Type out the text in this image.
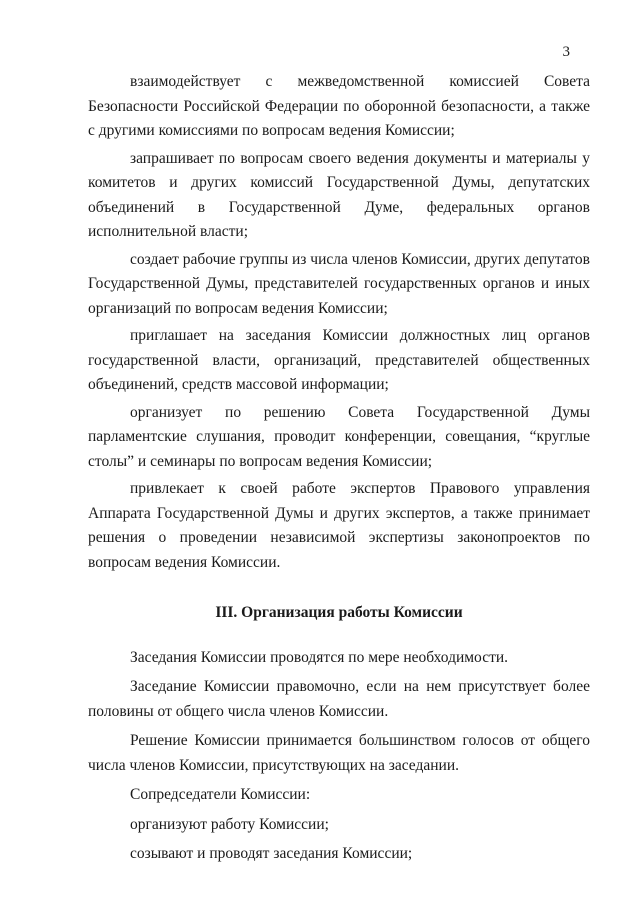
3

взаимодействует с межведомственной комиссией Совета Безопасности Российской Федерации по оборонной безопасности, а также с другими комиссиями по вопросам ведения Комиссии;

запрашивает по вопросам своего ведения документы и материалы у комитетов и других комиссий Государственной Думы, депутатских объединений в Государственной Думе, федеральных органов исполнительной власти;

создает рабочие группы из числа членов Комиссии, других депутатов Государственной Думы, представителей государственных органов и иных организаций по вопросам ведения Комиссии;

приглашает на заседания Комиссии должностных лиц органов государственной власти, организаций, представителей общественных объединений, средств массовой информации;

организует по решению Совета Государственной Думы парламентские слушания, проводит конференции, совещания, “круглые столы” и семинары по вопросам ведения Комиссии;

привлекает к своей работе экспертов Правового управления Аппарата Государственной Думы и других экспертов, а также принимает решения о проведении независимой экспертизы законопроектов по вопросам ведения Комиссии.

III. Организация работы Комиссии

Заседания Комиссии проводятся по мере необходимости.

Заседание Комиссии правомочно, если на нем присутствует более половины от общего числа членов Комиссии.

Решение Комиссии принимается большинством голосов от общего числа членов Комиссии, присутствующих на заседании.

Сопредседатели Комиссии:

организуют работу Комиссии;

созывают и проводят заседания Комиссии;
